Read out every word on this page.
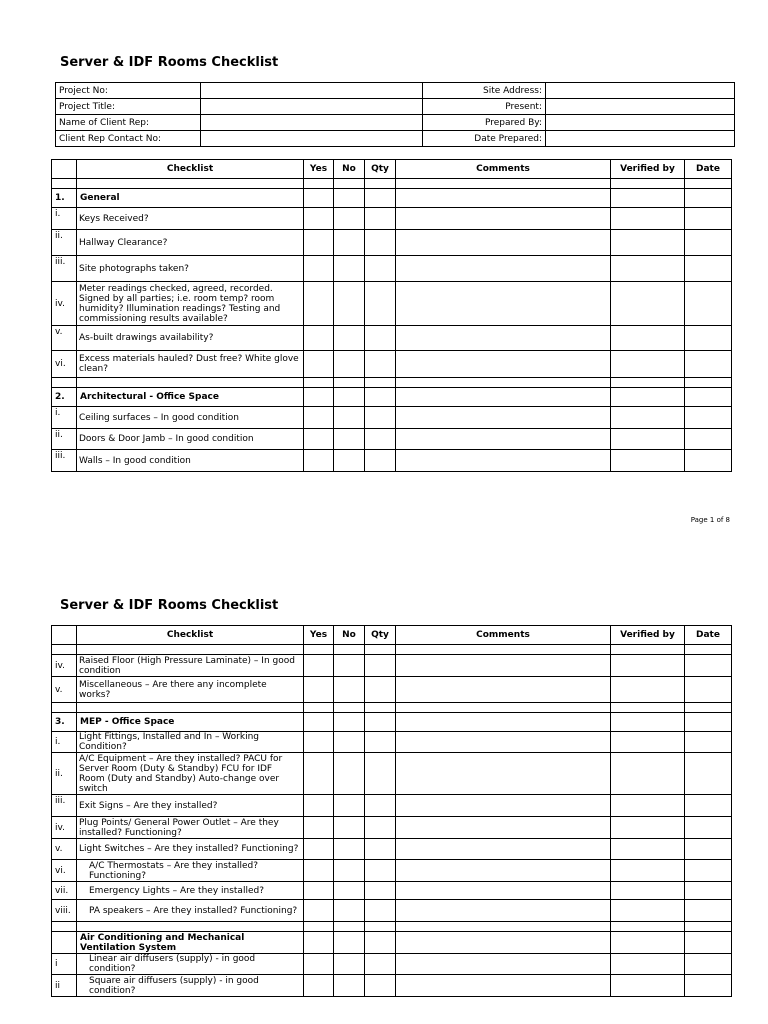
Server & IDF Rooms Checklist
Project No:		Site Address:	
Project Title:		Present:	
Name of Client Rep:		Prepared By:	
Client Rep Contact No:		Date Prepared:	
	Checklist	Yes	No	Qty	Comments	Verified by	Date

1.	General						
i.	Keys Received?						
ii.	Hallway Clearance?						
iii.	Site photographs taken?						
iv.	Meter readings checked, agreed, recorded. Signed by all parties; i.e. room temp? room humidity? Illumination readings? Testing and commissioning results available?						
v.	As-built drawings availability?						
vi.	Excess materials hauled? Dust free? White glove clean?						

2.	Architectural - Office Space						
i.	Ceiling surfaces – In good condition						
ii.	Doors & Door Jamb – In good condition						
iii.	Walls – In good condition						
Page 1 of 8
Server & IDF Rooms Checklist
	Checklist	Yes	No	Qty	Comments	Verified by	Date

iv.	Raised Floor (High Pressure Laminate) – In good condition						
v.	Miscellaneous – Are there any incomplete works?						

3.	MEP - Office Space						
i.	Light Fittings, Installed and In – Working Condition?						
ii.	A/C Equipment – Are they installed? PACU for Server Room (Duty & Standby) FCU for IDF Room (Duty and Standby) Auto-change over switch						
iii.	Exit Signs – Are they installed?						
iv.	Plug Points/ General Power Outlet – Are they installed? Functioning?						
v.	Light Switches – Are they installed? Functioning?						
vi.	A/C Thermostats – Are they installed? Functioning?						
vii.	Emergency Lights – Are they installed?						
viii.	PA speakers – Are they installed? Functioning?						

	Air Conditioning and Mechanical Ventilation System						
i	Linear air diffusers (supply) - in good condition?						
ii	Square air diffusers (supply) - in good condition?						
